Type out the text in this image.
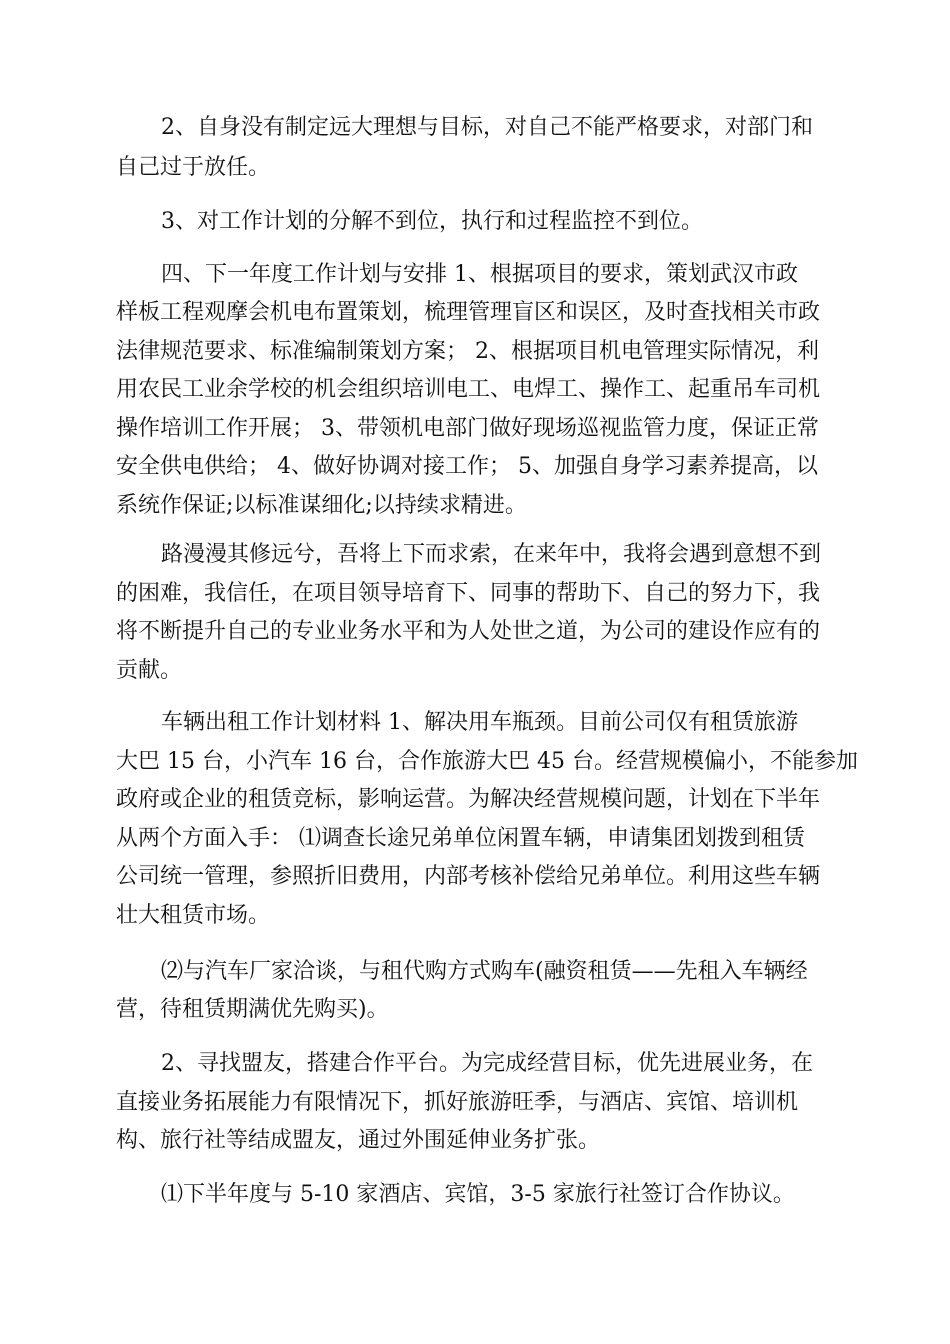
2、自身没有制定远大理想与目标，对自己不能严格要求，对部门和

自己过于放任。

3、对工作计划的分解不到位，执行和过程监控不到位。

四、下一年度工作计划与安排 1、根据项目的要求，策划武汉市政

样板工程观摩会机电布置策划，梳理管理盲区和误区，及时查找相关市政

法律规范要求、标准编制策划方案； 2、根据项目机电管理实际情况，利

用农民工业余学校的机会组织培训电工、电焊工、操作工、起重吊车司机

操作培训工作开展； 3、带领机电部门做好现场巡视监管力度，保证正常

安全供电供给； 4、做好协调对接工作； 5、加强自身学习素养提高，以

系统作保证;以标准谋细化;以持续求精进。

路漫漫其修远兮，吾将上下而求索，在来年中，我将会遇到意想不到

的困难，我信任，在项目领导培育下、同事的帮助下、自己的努力下，我

将不断提升自己的专业业务水平和为人处世之道，为公司的建设作应有的

贡献。

车辆出租工作计划材料 1、解决用车瓶颈。目前公司仅有租赁旅游

大巴 15 台，小汽车 16 台，合作旅游大巴 45 台。经营规模偏小，不能参加

政府或企业的租赁竞标，影响运营。为解决经营规模问题，计划在下半年

从两个方面入手： ⑴调查长途兄弟单位闲置车辆，申请集团划拨到租赁

公司统一管理，参照折旧费用，内部考核补偿给兄弟单位。利用这些车辆

壮大租赁市场。

⑵与汽车厂家洽谈，与租代购方式购车(融资租赁——先租入车辆经

营，待租赁期满优先购买)。

2、寻找盟友，搭建合作平台。为完成经营目标，优先进展业务，在

直接业务拓展能力有限情况下，抓好旅游旺季，与酒店、宾馆、培训机

构、旅行社等结成盟友，通过外围延伸业务扩张。

⑴下半年度与 5-10 家酒店、宾馆，3-5 家旅行社签订合作协议。
